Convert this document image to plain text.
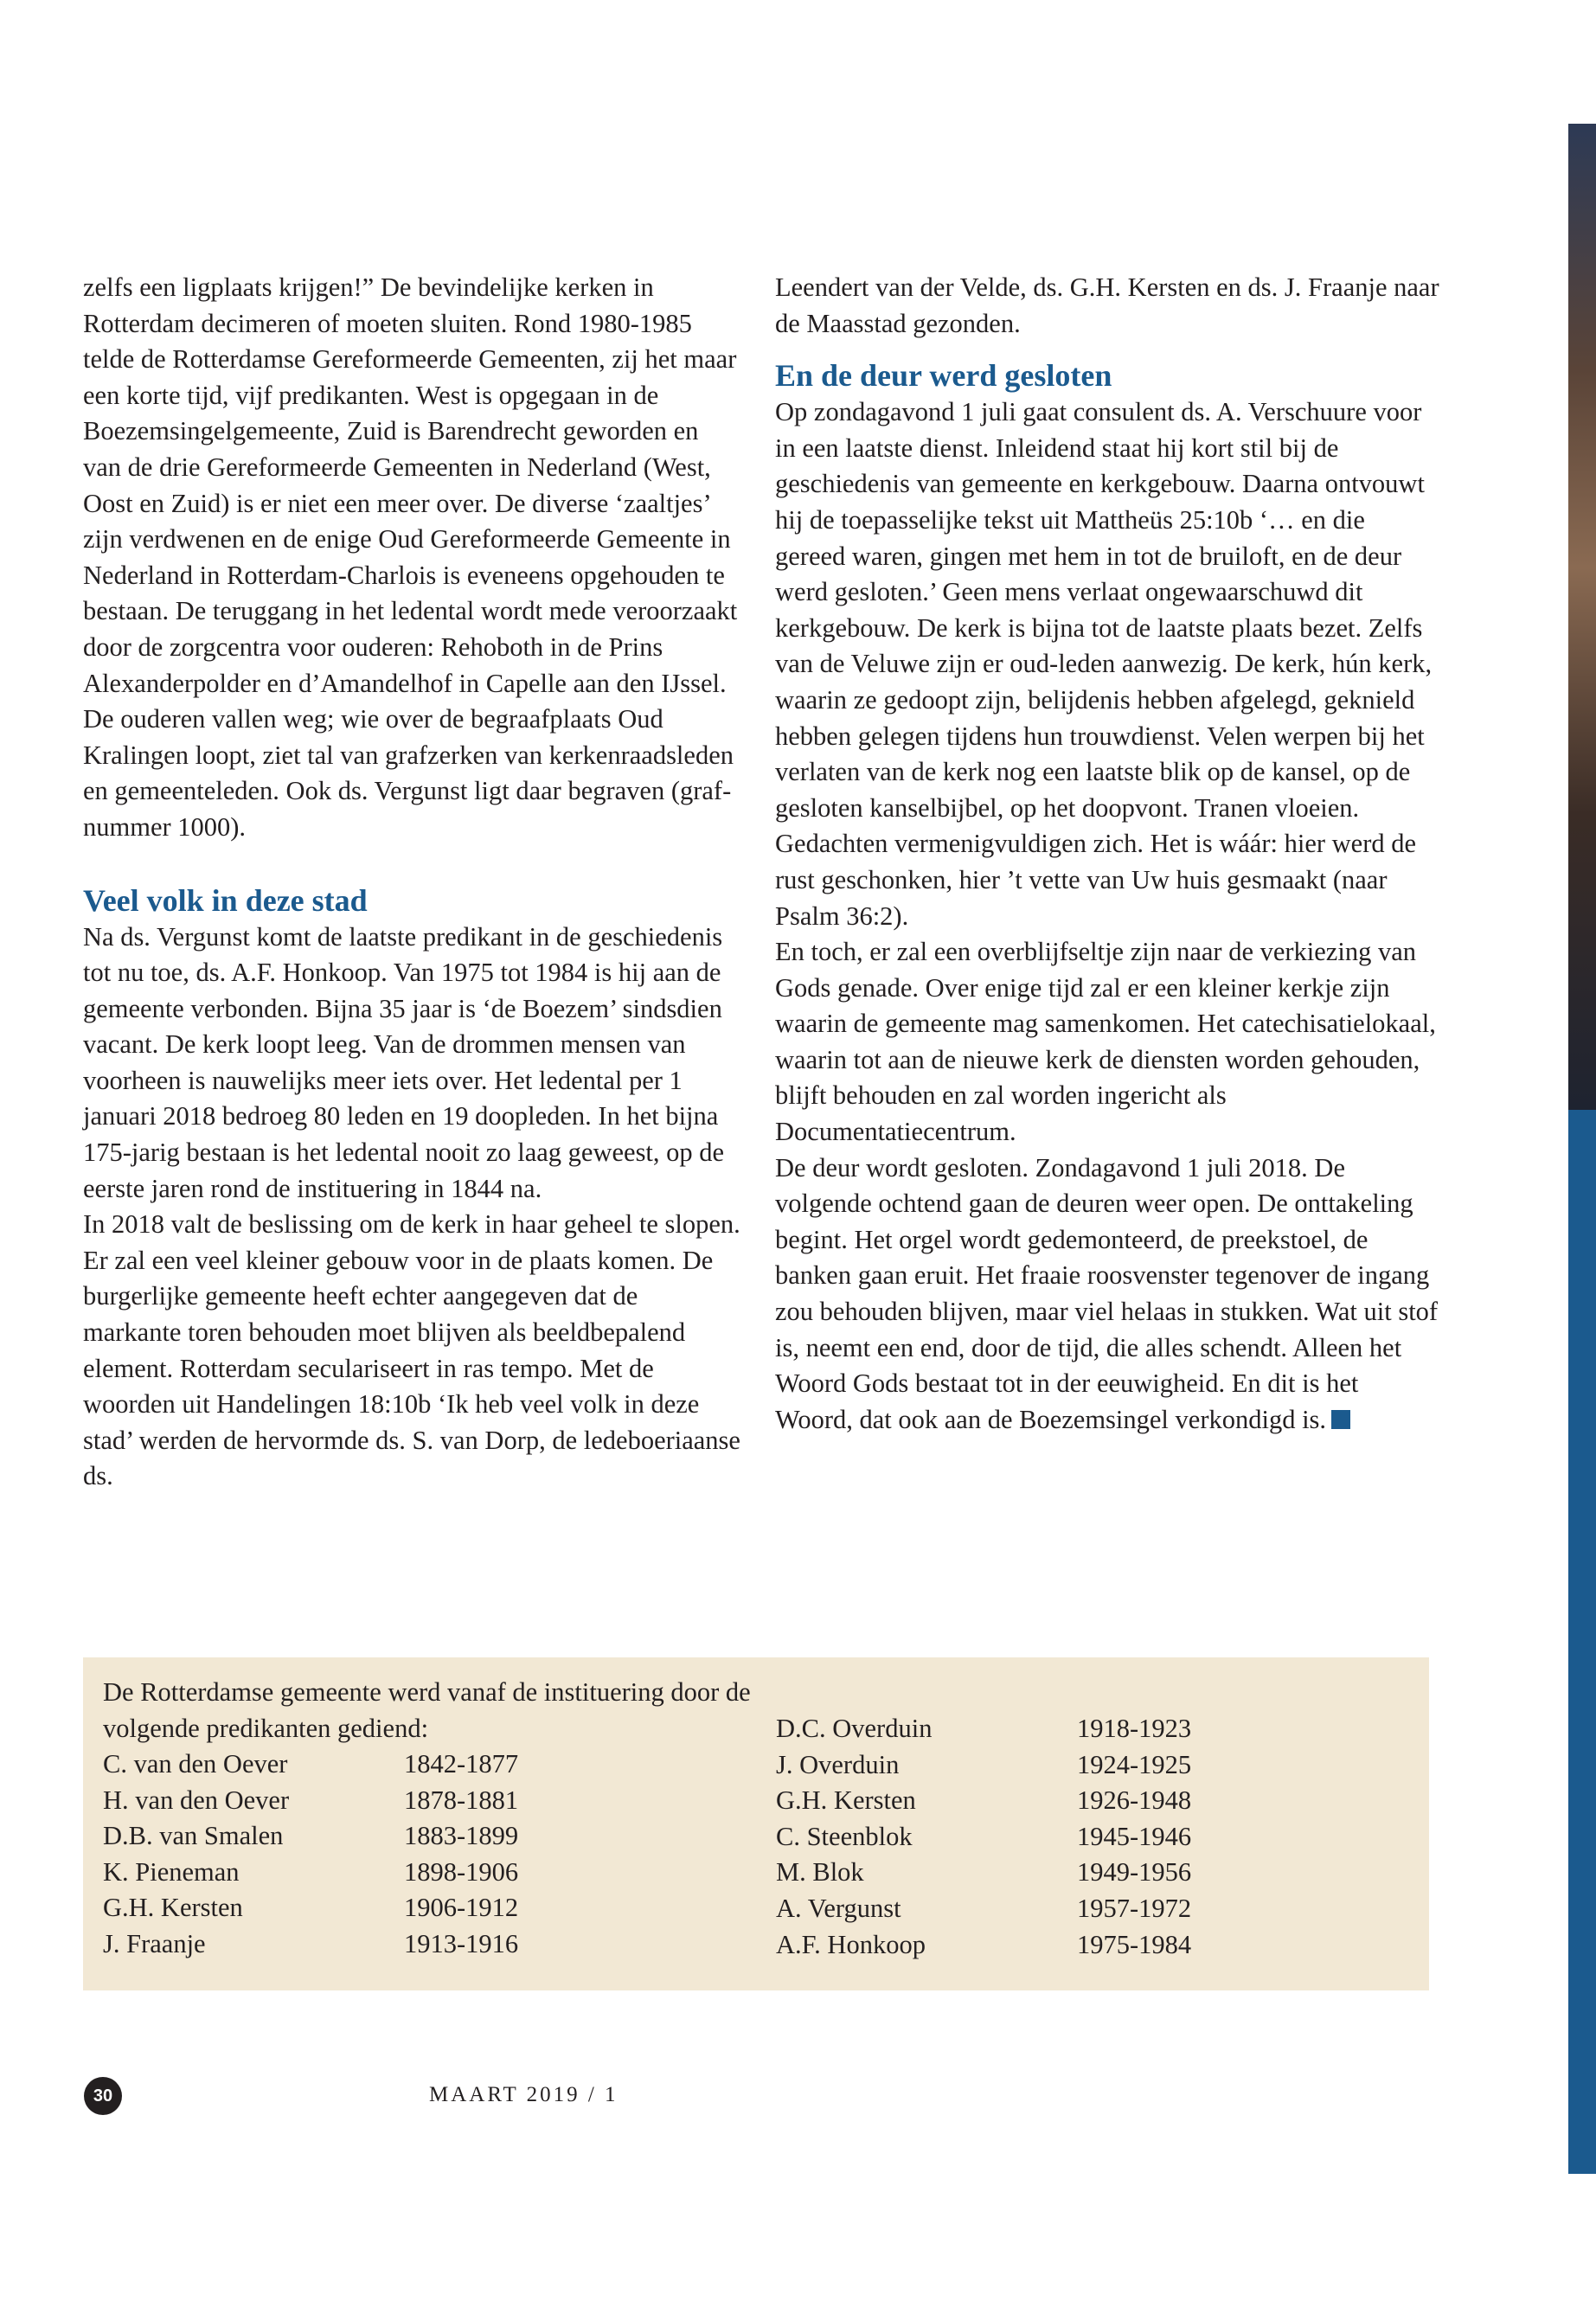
zelfs een ligplaats krijgen!” De bevindelijke kerken in Rotterdam decimeren of moeten sluiten. Rond 1980-1985 telde de Rotterdamse Gereformeerde Gemeenten, zij het maar een korte tijd, vijf predikanten. West is opgegaan in de Boezemsingelgemeente, Zuid is Barendrecht geworden en van de drie Gereformeerde Gemeenten in Nederland (West, Oost en Zuid) is er niet een meer over. De diverse ‘zaaltjes’ zijn verdwenen en de enige Oud Gereformeerde Gemeente in Nederland in Rotterdam-Charlois is eveneens opgehouden te bestaan. De teruggang in het ledental wordt mede veroorzaakt door de zorgcentra voor ouderen: Rehoboth in de Prins Alexanderpolder en d’Amandelhof in Capelle aan den IJssel. De ouderen vallen weg; wie over de begraafplaats Oud Kralingen loopt, ziet tal van grafzerken van kerkenraadsleden en gemeenteleden. Ook ds. Vergunst ligt daar begraven (graf-nummer 1000).

Veel volk in deze stad

Na ds. Vergunst komt de laatste predikant in de geschiedenis tot nu toe, ds. A.F. Honkoop. Van 1975 tot 1984 is hij aan de gemeente verbonden. Bijna 35 jaar is ‘de Boezem’ sindsdien vacant. De kerk loopt leeg. Van de drommen mensen van voorheen is nauwelijks meer iets over. Het ledental per 1 januari 2018 bedroeg 80 leden en 19 doopleden. In het bijna 175-jarig bestaan is het ledental nooit zo laag geweest, op de eerste jaren rond de instituering in 1844 na.

In 2018 valt de beslissing om de kerk in haar geheel te slopen. Er zal een veel kleiner gebouw voor in de plaats komen. De burgerlijke gemeente heeft echter aangegeven dat de markante toren behouden moet blijven als beeldbepalend element. Rotterdam seculariseert in ras tempo. Met de woorden uit Handelingen 18:10b ‘Ik heb veel volk in deze stad’ werden de hervormde ds. S. van Dorp, de ledeboeriaanse ds.

Leendert van der Velde, ds. G.H. Kersten en ds. J. Fraanje naar de Maasstad gezonden.

En de deur werd gesloten

Op zondagavond 1 juli gaat consulent ds. A. Verschuure voor in een laatste dienst. Inleidend staat hij kort stil bij de geschiedenis van gemeente en kerkgebouw. Daarna ontvouwt hij de toepasselijke tekst uit Mattheüs 25:10b ‘… en die gereed waren, gingen met hem in tot de bruiloft, en de deur werd gesloten.’ Geen mens verlaat ongewaarschuwd dit kerkgebouw. De kerk is bijna tot de laatste plaats bezet. Zelfs van de Veluwe zijn er oud-leden aanwezig. De kerk, hún kerk, waarin ze gedoopt zijn, belijdenis hebben afgelegd, geknield hebben gelegen tijdens hun trouwdienst. Velen werpen bij het verlaten van de kerk nog een laatste blik op de kansel, op de gesloten kanselbijbel, op het doopvont. Tranen vloeien. Gedachten vermenigvuldigen zich. Het is wáár: hier werd de rust geschonken, hier ’t vette van Uw huis gesmaakt (naar Psalm 36:2).

En toch, er zal een overblijfseltje zijn naar de verkiezing van Gods genade. Over enige tijd zal er een kleiner kerkje zijn waarin de gemeente mag samenkomen. Het catechisatielokaal, waarin tot aan de nieuwe kerk de diensten worden gehouden, blijft behouden en zal worden ingericht als Documentatiecentrum.

De deur wordt gesloten. Zondagavond 1 juli 2018. De volgende ochtend gaan de deuren weer open. De onttakeling begint. Het orgel wordt gedemonteerd, de preekstoel, de banken gaan eruit. Het fraaie roosvenster tegenover de ingang zou behouden blijven, maar viel helaas in stukken. Wat uit stof is, neemt een end, door de tijd, die alles schendt. Alleen het Woord Gods bestaat tot in der eeuwigheid. En dit is het Woord, dat ook aan de Boezemsingel verkondigd is.

De Rotterdamse gemeente werd vanaf de instituering door de volgende predikanten gediend:
C. van den Oever	1842-1877
H. van den Oever	1878-1881
D.B. van Smalen	1883-1899
K. Pieneman	1898-1906
G.H. Kersten	1906-1912
J. Fraanje	1913-1916
D.C. Overduin	1918-1923
J. Overduin	1924-1925
G.H. Kersten	1926-1948
C. Steenblok	1945-1946
M. Blok	1949-1956
A. Vergunst	1957-1972
A.F. Honkoop	1975-1984
30	MAART 2019 / 1
